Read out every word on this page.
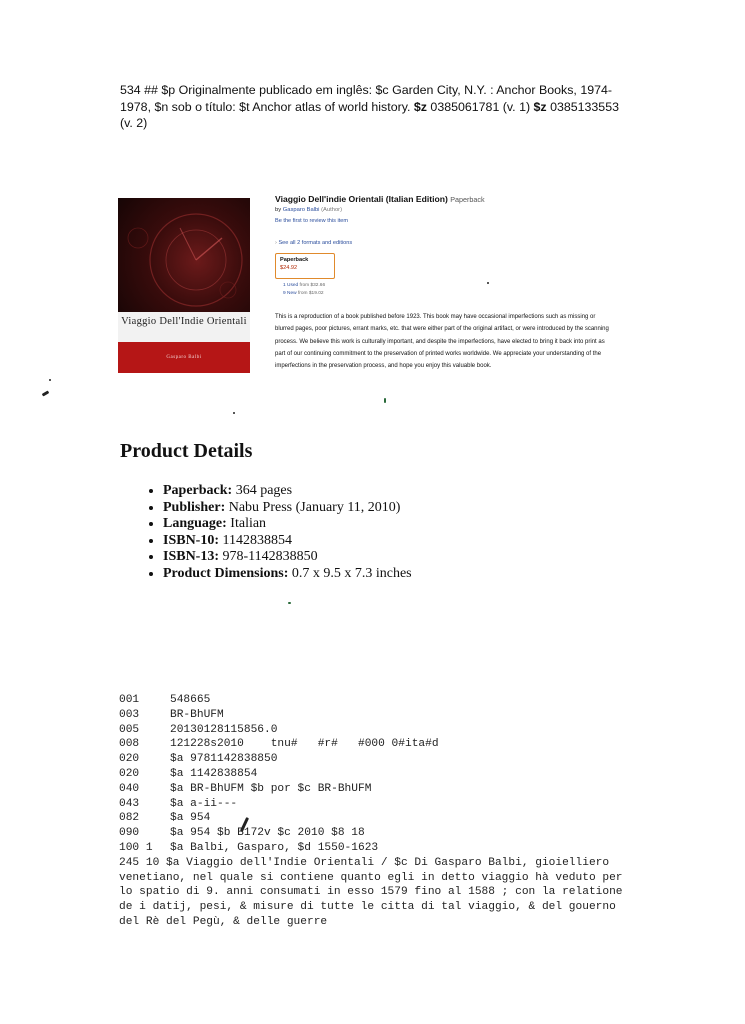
534 ## $p Originalmente publicado em inglês: $c Garden City, N.Y. : Anchor Books, 1974-1978, $n sob o título: $t Anchor atlas of world history. $z 0385061781 (v. 1) $z 0385133553 (v. 2)
Viaggio Dell'Indie Orientali
Gasparo Balbi
Viaggio Dell'indie Orientali (Italian Edition) Paperback
by Gasparo Balbi (Author)
Be the first to review this item
› See all 2 formats and editions
Paperback
$24.92
1 Used from $32.66
9 New from $19.02
This is a reproduction of a book published before 1923. This book may have occasional imperfections such as missing or blurred pages, poor pictures, errant marks, etc. that were either part of the original artifact, or were introduced by the scanning process. We believe this work is culturally important, and despite the imperfections, have elected to bring it back into print as part of our continuing commitment to the preservation of printed works worldwide. We appreciate your understanding of the imperfections in the preservation process, and hope you enjoy this valuable book.
Product Details
• Paperback: 364 pages
• Publisher: Nabu Press (January 11, 2010)
• Language: Italian
• ISBN-10: 1142838854
• ISBN-13: 978-1142838850
• Product Dimensions: 0.7 x 9.5 x 7.3 inches
001	548665
003	BR-BhUFM
005	20130128115856.0
008	121228s2010    tnu#   #r#   #000 0#ita#d
020	$a 9781142838850
020	$a 1142838854
040	$a BR-BhUFM $b por $c BR-BhUFM
043	$a a-ii---
082	$a 954
090	$a 954 $b B172v $c 2010 $8 18
100 1	$a Balbi, Gasparo, $d 1550-1623
245 10 $a Viaggio dell'Indie Orientali / $c Di Gasparo Balbi, gioielliero venetiano, nel quale si contiene quanto egli in detto viaggio hà veduto per lo spatio di 9. anni consumati in esso 1579 fino al 1588 ; con la relatione de i datij, pesi, & misure di tutte le citta di tal viaggio, & del gouerno del Rè del Pegù, & delle guerre
